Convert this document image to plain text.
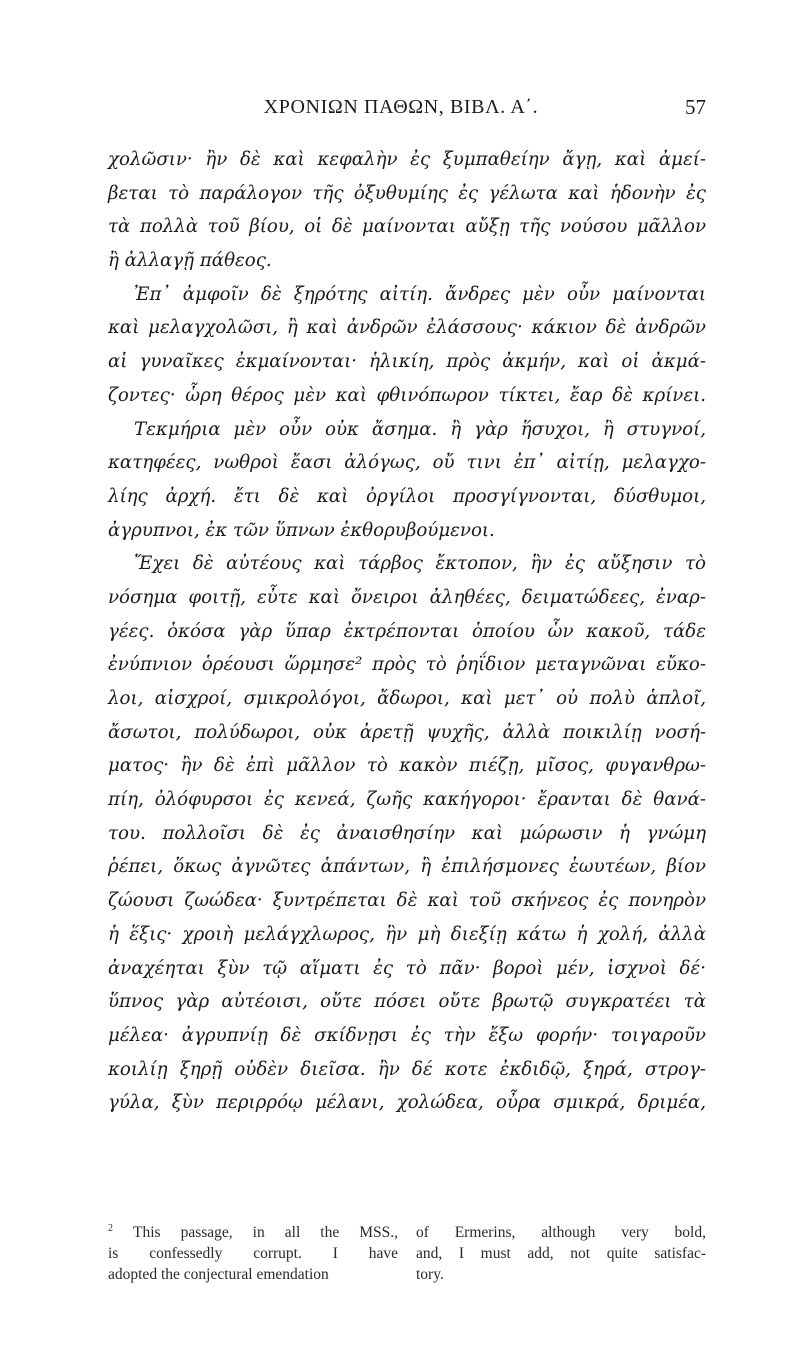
ΧΡΟΝΙΩΝ ΠΑΘΩΝ, ΒΙΒΛ. Α΄.	57
χολῶσιν· ἢν δὲ καὶ κεφαλὴν ἐς ξυμπαθείην ἄγῃ, καὶ ἀμεί-
βεται τὸ παράλογον τῆς ὀξυθυμίης ἐς γέλωτα καὶ ἡδονὴν ἐς
τὰ πολλὰ τοῦ βίου, οἱ δὲ μαίνονται αὔξῃ τῆς νούσου μᾶλλον
ἢ ἀλλαγῇ πάθεος.
Ἐπ᾿ ἀμφοῖν δὲ ξηρότης αἰτίη. ἄνδρες μὲν οὖν μαίνονται
καὶ μελαγχολῶσι, ἢ καὶ ἀνδρῶν ἐλάσσους· κάκιον δὲ ἀνδρῶν
αἱ γυναῖκες ἐκμαίνονται· ἡλικίη, πρὸς ἀκμήν, καὶ οἱ ἀκμά-
ζοντες· ὧρη θέρος μὲν καὶ φθινόπωρον τίκτει, ἔαρ δὲ κρίνει.
Τεκμήρια μὲν οὖν οὐκ ἄσημα. ἢ γὰρ ἥσυχοι, ἢ στυγνοί,
κατηφέες, νωθροὶ ἔασι ἀλόγως, οὔ τινι ἐπ᾿ αἰτίῃ, μελαγχο-
λίης ἀρχή. ἔτι δὲ καὶ ὀργίλοι προσγίγνονται, δύσθυμοι,
ἀγρυπνοι, ἐκ τῶν ὕπνων ἐκθορυβούμενοι.
Ἔχει δὲ αὐτέους καὶ τάρβος ἔκτοπον, ἣν ἐς αὔξησιν τὸ
νόσημα φοιτῇ, εὖτε καὶ ὄνειροι ἀληθέες, δειματώδεες, ἐναρ-
γέες. ὁκόσα γὰρ ὕπαρ ἐκτρέπονται ὁποίου ὧν κακοῦ, τάδε
ἐνύπνιον ὁρέουσι ὥρμησε² πρὸς τὸ ῥηΐδιον μεταγνῶναι εὔκο-
λοι, αἰσχροί, σμικρολόγοι, ἄδωροι, καὶ μετ᾿ οὐ πολὺ ἁπλοῖ,
ἄσωτοι, πολύδωροι, οὐκ ἀρετῇ ψυχῆς, ἀλλὰ ποικιλίῃ νοσή-
ματος· ἢν δὲ ἐπὶ μᾶλλον τὸ κακὸν πιέζῃ, μῖσος, φυγανθρω-
πίη, ὀλόφυρσοι ἐς κενεά, ζωῆς κακήγοροι· ἔρανται δὲ θανά-
του. πολλοῖσι δὲ ἐς ἀναισθησίην καὶ μώρωσιν ἡ γνώμη
ῥέπει, ὅκως ἀγνῶτες ἁπάντων, ἢ ἐπιλήσμονες ἑωυτέων, βίον
ζώουσι ζωώδεα· ξυντρέπεται δὲ καὶ τοῦ σκήνεος ἐς πονηρὸν
ἡ ἕξις· χροιὴ μελάγχλωρος, ἣν μὴ διεξίῃ κάτω ἡ χολή, ἀλλὰ
ἀναχέηται ξὺν τῷ αἵματι ἐς τὸ πᾶν· βοροὶ μέν, ἰσχνοὶ δέ·
ὕπνος γὰρ αὐτέοισι, οὔτε πόσει οὔτε βρωτῷ συγκρατέει τὰ
μέλεα· ἀγρυπνίῃ δὲ σκίδνῃσι ἐς τὴν ἔξω φορήν· τοιγαροῦν
κοιλίῃ ξηρῇ οὐδὲν διεῖσα. ἢν δέ κοτε ἐκδιδῷ, ξηρά, στρογ-
γύλα, ξὺν περιρρόῳ μέλανι, χολώδεα, οὖρα σμικρά, δριμέα,
$^2$ This passage, in all the MSS.,
is confessedly corrupt. I have
adopted the conjectural emendation
of Ermerins, although very bold,
and, I must add, not quite satisfac-
tory.
